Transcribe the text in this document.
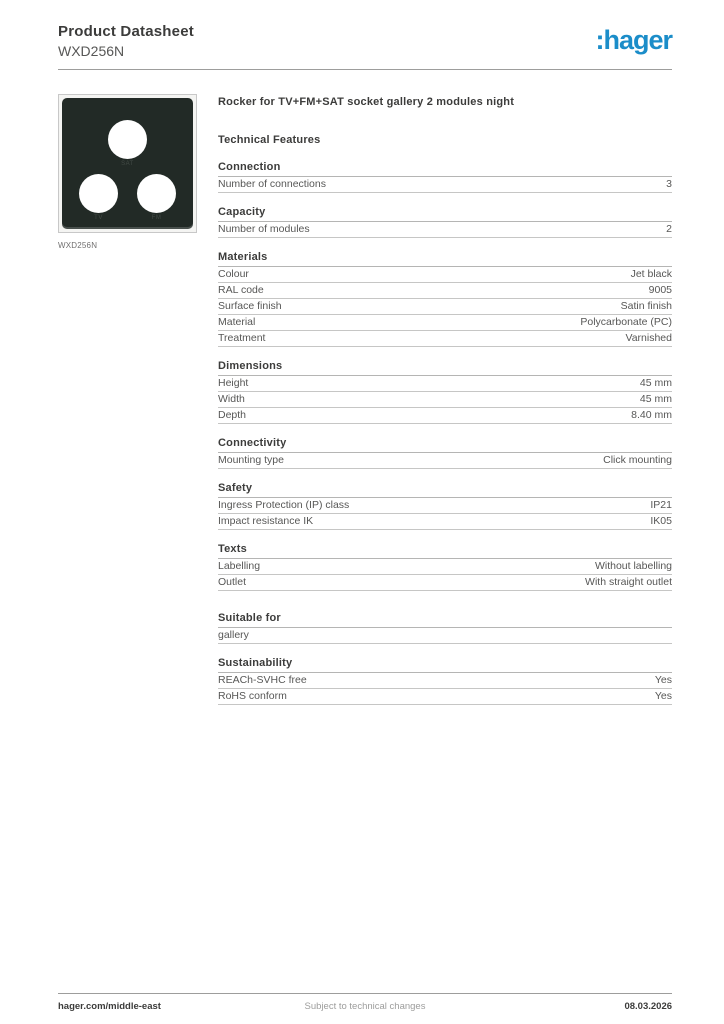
Product Datasheet
WXD256N	:hager
SAT
TV	FM
WXD256N
Rocker for TV+FM+SAT socket gallery 2 modules night
Technical Features
Connection
Number of connections	3
Capacity
Number of modules	2
Materials
Colour	Jet black
RAL code	9005
Surface finish	Satin finish
Material	Polycarbonate (PC)
Treatment	Varnished
Dimensions
Height	45 mm
Width	45 mm
Depth	8.40 mm
Connectivity
Mounting type	Click mounting
Safety
Ingress Protection (IP) class	IP21
Impact resistance IK	IK05
Texts
Labelling	Without labelling
Outlet	With straight outlet
Suitable for
gallery
Sustainability
REACh-SVHC free	Yes
RoHS conform	Yes
hager.com/middle-east	Subject to technical changes	08.03.2026
